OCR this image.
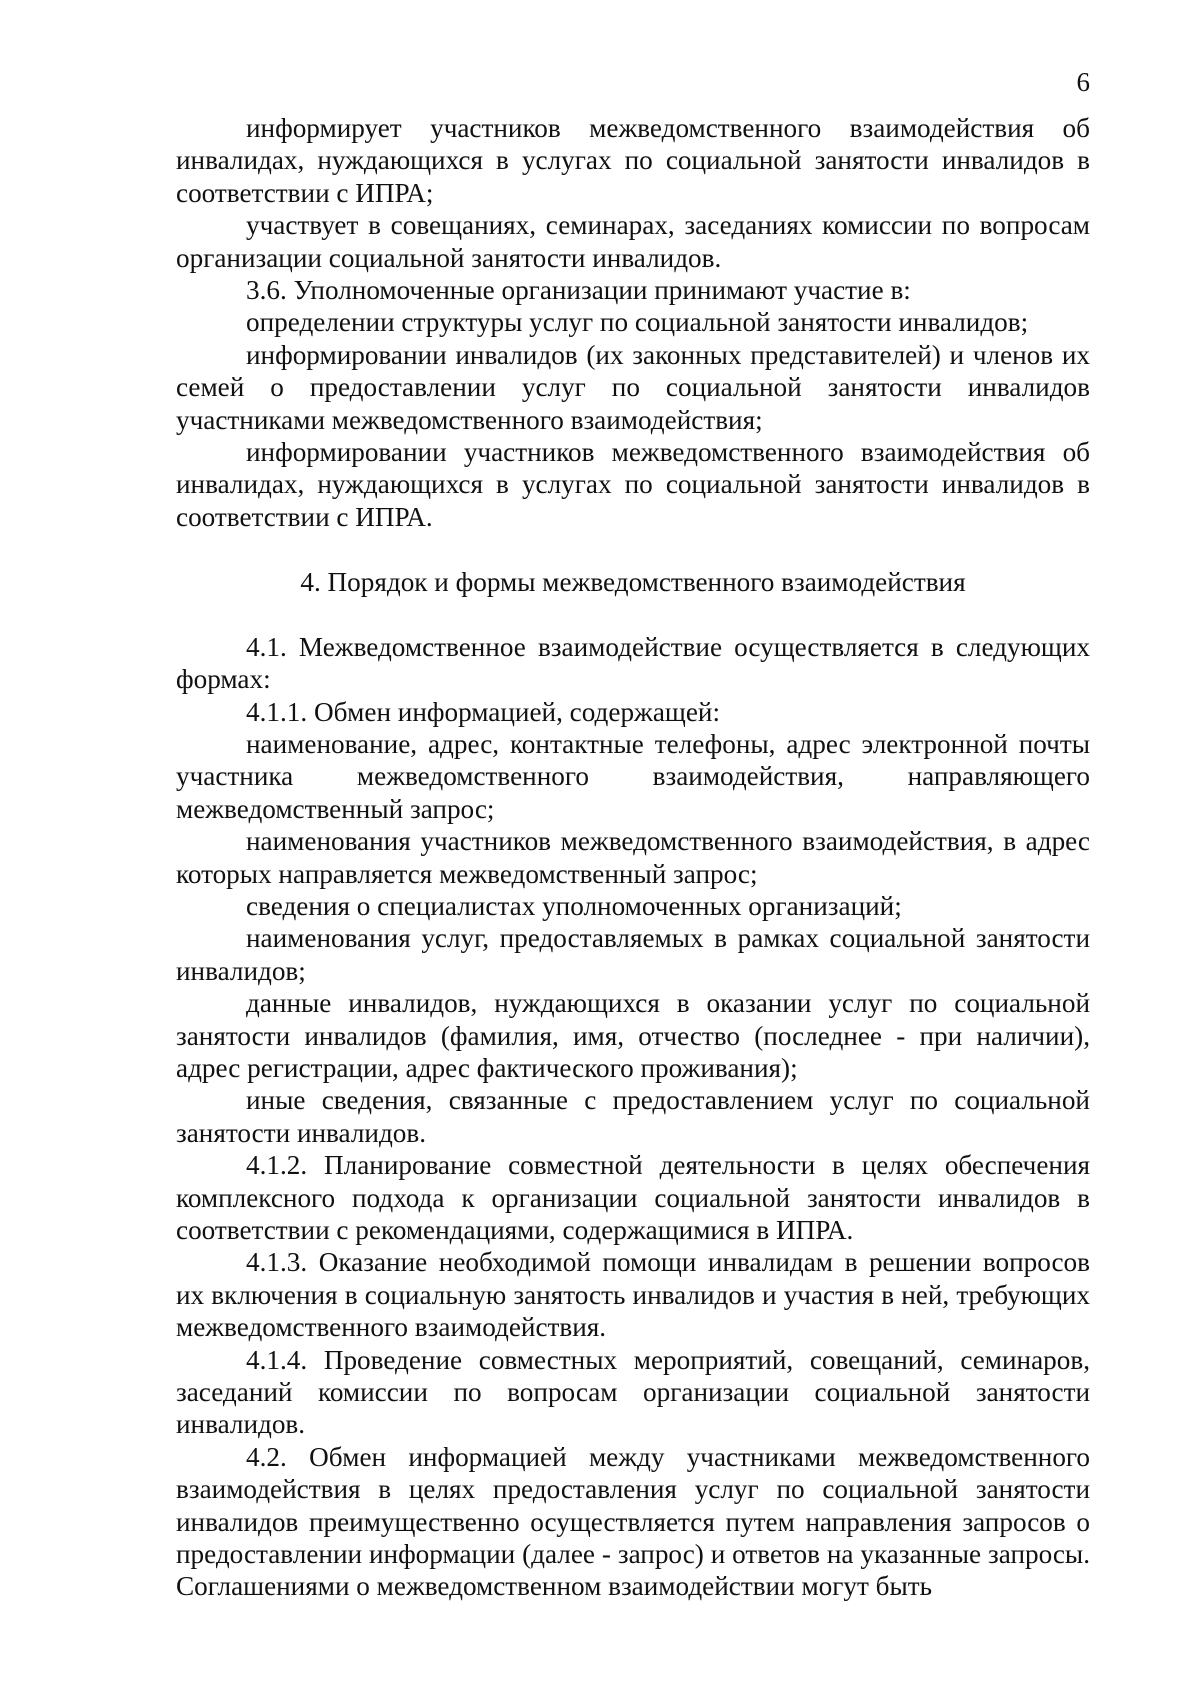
6

информирует участников межведомственного взаимодействия об инвалидах, нуждающихся в услугах по социальной занятости инвалидов в соответствии с ИПРА;

участвует в совещаниях, семинарах, заседаниях комиссии по вопросам организации социальной занятости инвалидов.

3.6. Уполномоченные организации принимают участие в:

определении структуры услуг по социальной занятости инвалидов;

информировании инвалидов (их законных представителей) и членов их семей о предоставлении услуг по социальной занятости инвалидов участниками межведомственного взаимодействия;

информировании участников межведомственного взаимодействия об инвалидах, нуждающихся в услугах по социальной занятости инвалидов в соответствии с ИПРА.

4. Порядок и формы межведомственного взаимодействия

4.1. Межведомственное взаимодействие осуществляется в следующих формах:

4.1.1. Обмен информацией, содержащей:

наименование, адрес, контактные телефоны, адрес электронной почты участника межведомственного взаимодействия, направляющего межведомственный запрос;

наименования участников межведомственного взаимодействия, в адрес которых направляется межведомственный запрос;

сведения о специалистах уполномоченных организаций;

наименования услуг, предоставляемых в рамках социальной занятости инвалидов;

данные инвалидов, нуждающихся в оказании услуг по социальной занятости инвалидов (фамилия, имя, отчество (последнее - при наличии), адрес регистрации, адрес фактического проживания);

иные сведения, связанные с предоставлением услуг по социальной занятости инвалидов.

4.1.2. Планирование совместной деятельности в целях обеспечения комплексного подхода к организации социальной занятости инвалидов в соответствии с рекомендациями, содержащимися в ИПРА.

4.1.3. Оказание необходимой помощи инвалидам в решении вопросов их включения в социальную занятость инвалидов и участия в ней, требующих межведомственного взаимодействия.

4.1.4. Проведение совместных мероприятий, совещаний, семинаров, заседаний комиссии по вопросам организации социальной занятости инвалидов.

4.2. Обмен информацией между участниками межведомственного взаимодействия в целях предоставления услуг по социальной занятости инвалидов преимущественно осуществляется путем направления запросов о предоставлении информации (далее - запрос) и ответов на указанные запросы. Соглашениями о межведомственном взаимодействии могут быть
